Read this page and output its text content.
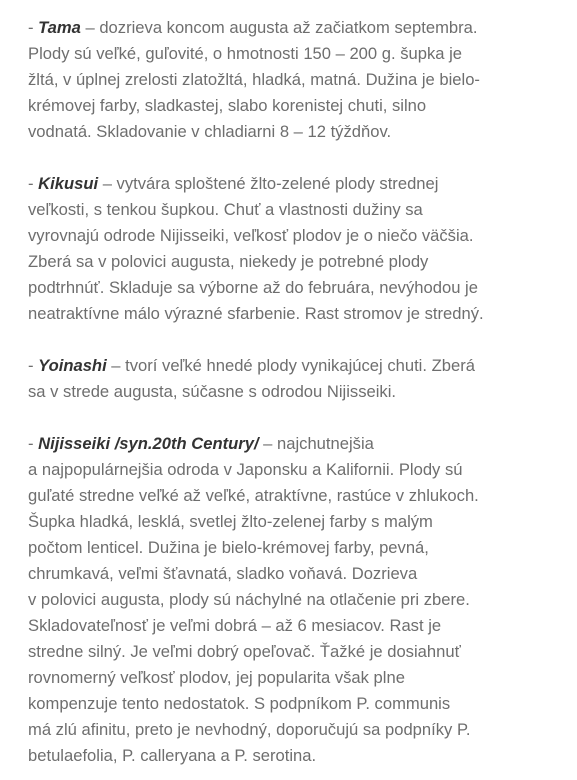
- Tama – dozrieva koncom augusta až začiatkom septembra.
Plody sú veľké, guľovité, o hmotnosti 150 – 200 g. šupka je
žltá, v úplnej zrelosti zlatožltá, hladká, matná. Dužina je bielo-
krémovej farby, sladkastej, slabo korenistej chuti, silno
vodnatá. Skladovanie v chladiarni 8 – 12 týždňov.

- Kikusui – vytvára sploštené žlto-zelené plody strednej
veľkosti, s tenkou šupkou. Chuť a vlastnosti dužiny sa
vyrovnajú odrode Nijisseiki, veľkosť plodov je o niečo väčšia.
Zberá sa v polovici augusta, niekedy je potrebné plody
podtrhnúť. Skladuje sa výborne až do februára, nevýhodou je
neatraktívne málo výrazné sfarbenie. Rast stromov je stredný.

- Yoinashi – tvorí veľké hnedé plody vynikajúcej chuti. Zberá
sa v strede augusta, súčasne s odrodou Nijisseiki.

- Nijisseiki /syn.20th Century/ – najchutnejšia
a najpopulárnejšia odroda v Japonsku a Kalifornii. Plody sú
guľaté stredne veľké až veľké, atraktívne, rastúce v zhlukoch.
Šupka hladká, lesklá, svetlej žlto-zelenej farby s malým
počtom lenticel. Dužina je bielo-krémovej farby, pevná,
chrumkavá, veľmi šťavnatá, sladko voňavá. Dozrieva
v polovici augusta, plody sú náchylné na otlačenie pri zbere.
Skladovateľnosť je veľmi dobrá – až 6 mesiacov. Rast je
stredne silný. Je veľmi dobrý opeľovač. Ťažké je dosiahnuť
rovnomerný veľkosť plodov, jej popularita však plne
kompenzuje tento nedostatok. S podpníkom P. communis
má zlú afinitu, preto je nevhodný, doporučujú sa podpníky P.
betulaefolia, P. calleryana a P. serotina.
